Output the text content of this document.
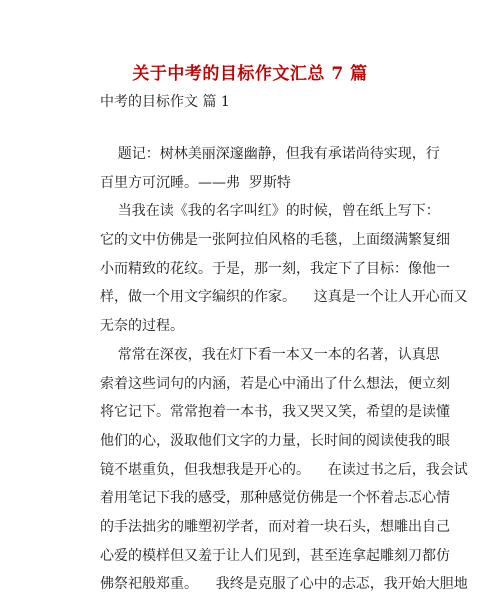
关于中考的目标作文汇总 7 篇
中考的目标作文 篇 1
题记：树林美丽深邃幽静，但我有承诺尚待实现，行
百里方可沉睡。——弗  罗斯特
当我在读《我的名字叫红》的时候，曾在纸上写下：
它的文中仿佛是一张阿拉伯风格的毛毯，上面缀满繁复细
小而精致的花纹。于是，那一刻，我定下了目标：像他一
样，做一个用文字编织的作家。    这真是一个让人开心而又
无奈的过程。
常常在深夜，我在灯下看一本又一本的名著，认真思
索着这些词句的内涵，若是心中涌出了什么想法，便立刻
将它记下。常常抱着一本书，我又哭又笑，希望的是读懂
他们的心，汲取他们文字的力量，长时间的阅读使我的眼
镜不堪重负，但我想我是开心的。    在读过书之后，我会试
着用笔记下我的感受，那种感觉仿佛是一个怀着忐忑心情
的手法拙劣的雕塑初学者，而对着一块石头，想雕出自己
心爱的模样但又羞于让人们见到，甚至连拿起雕刻刀都仿
佛祭祀般郑重。    我终是克服了心中的忐忑，我开始大胆地
